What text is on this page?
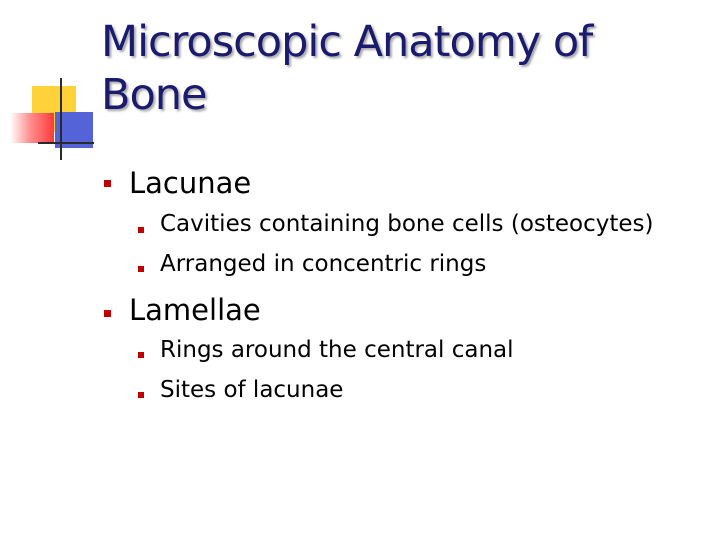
Microscopic Anatomy of
Bone
Lacunae
Cavities containing bone cells (osteocytes)
Arranged in concentric rings
Lamellae
Rings around the central canal
Sites of lacunae
